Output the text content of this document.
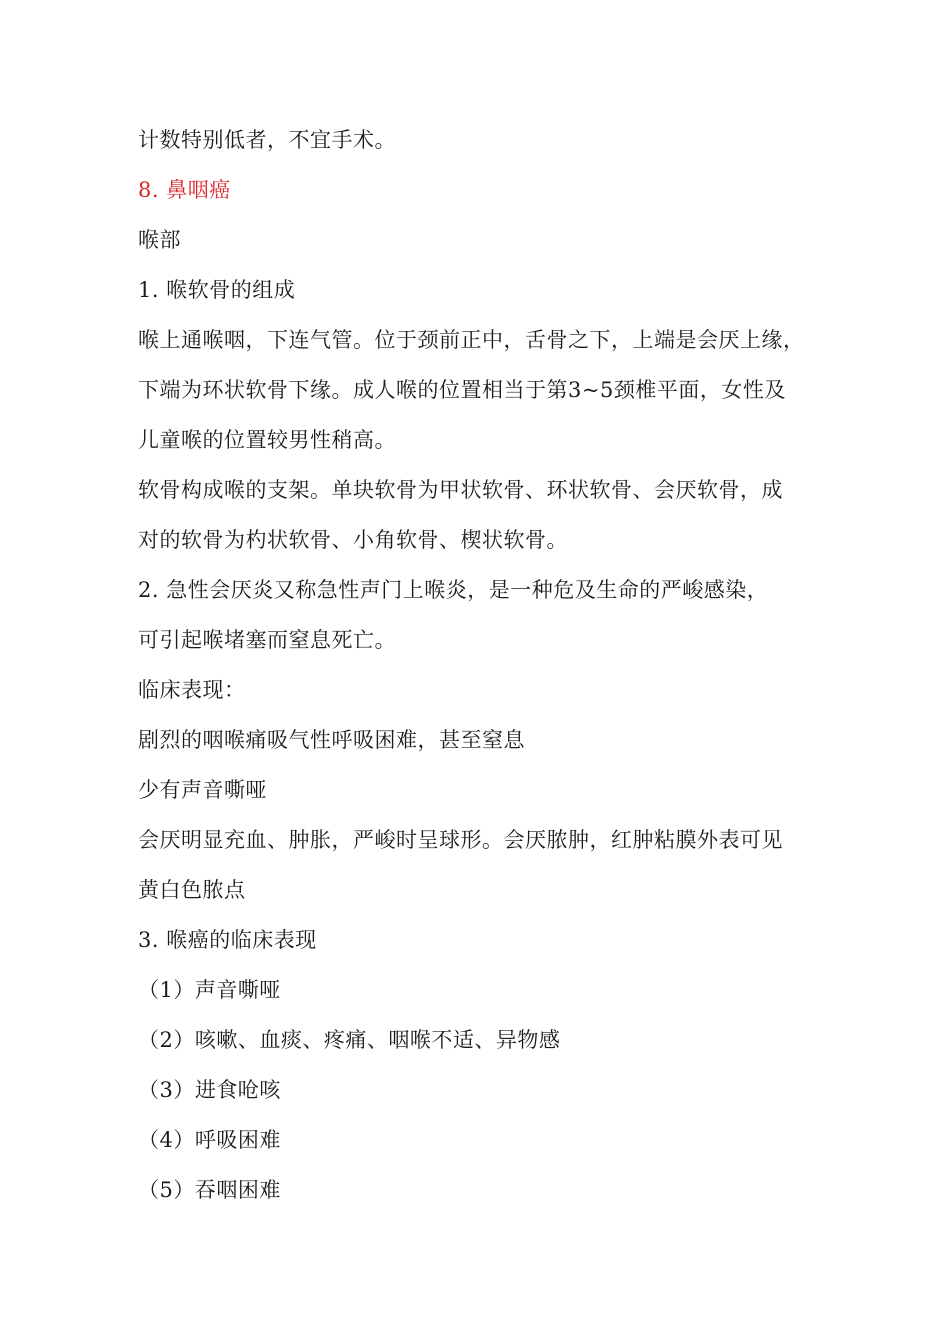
计数特别低者，不宜手术。
8. 鼻咽癌
喉部
1. 喉软骨的组成
喉上通喉咽，下连气管。位于颈前正中，舌骨之下，上端是会厌上缘，
下端为环状软骨下缘。成人喉的位置相当于第3~5颈椎平面，女性及
儿童喉的位置较男性稍高。
软骨构成喉的支架。单块软骨为甲状软骨、环状软骨、会厌软骨，成
对的软骨为杓状软骨、小角软骨、楔状软骨。
2. 急性会厌炎又称急性声门上喉炎，是一种危及生命的严峻感染，
可引起喉堵塞而窒息死亡。
临床表现：
剧烈的咽喉痛吸气性呼吸困难，甚至窒息
少有声音嘶哑
会厌明显充血、肿胀，严峻时呈球形。会厌脓肿，红肿粘膜外表可见
黄白色脓点
3. 喉癌的临床表现
（1）声音嘶哑
（2）咳嗽、血痰、疼痛、咽喉不适、异物感
（3）进食呛咳
（4）呼吸困难
（5）吞咽困难
